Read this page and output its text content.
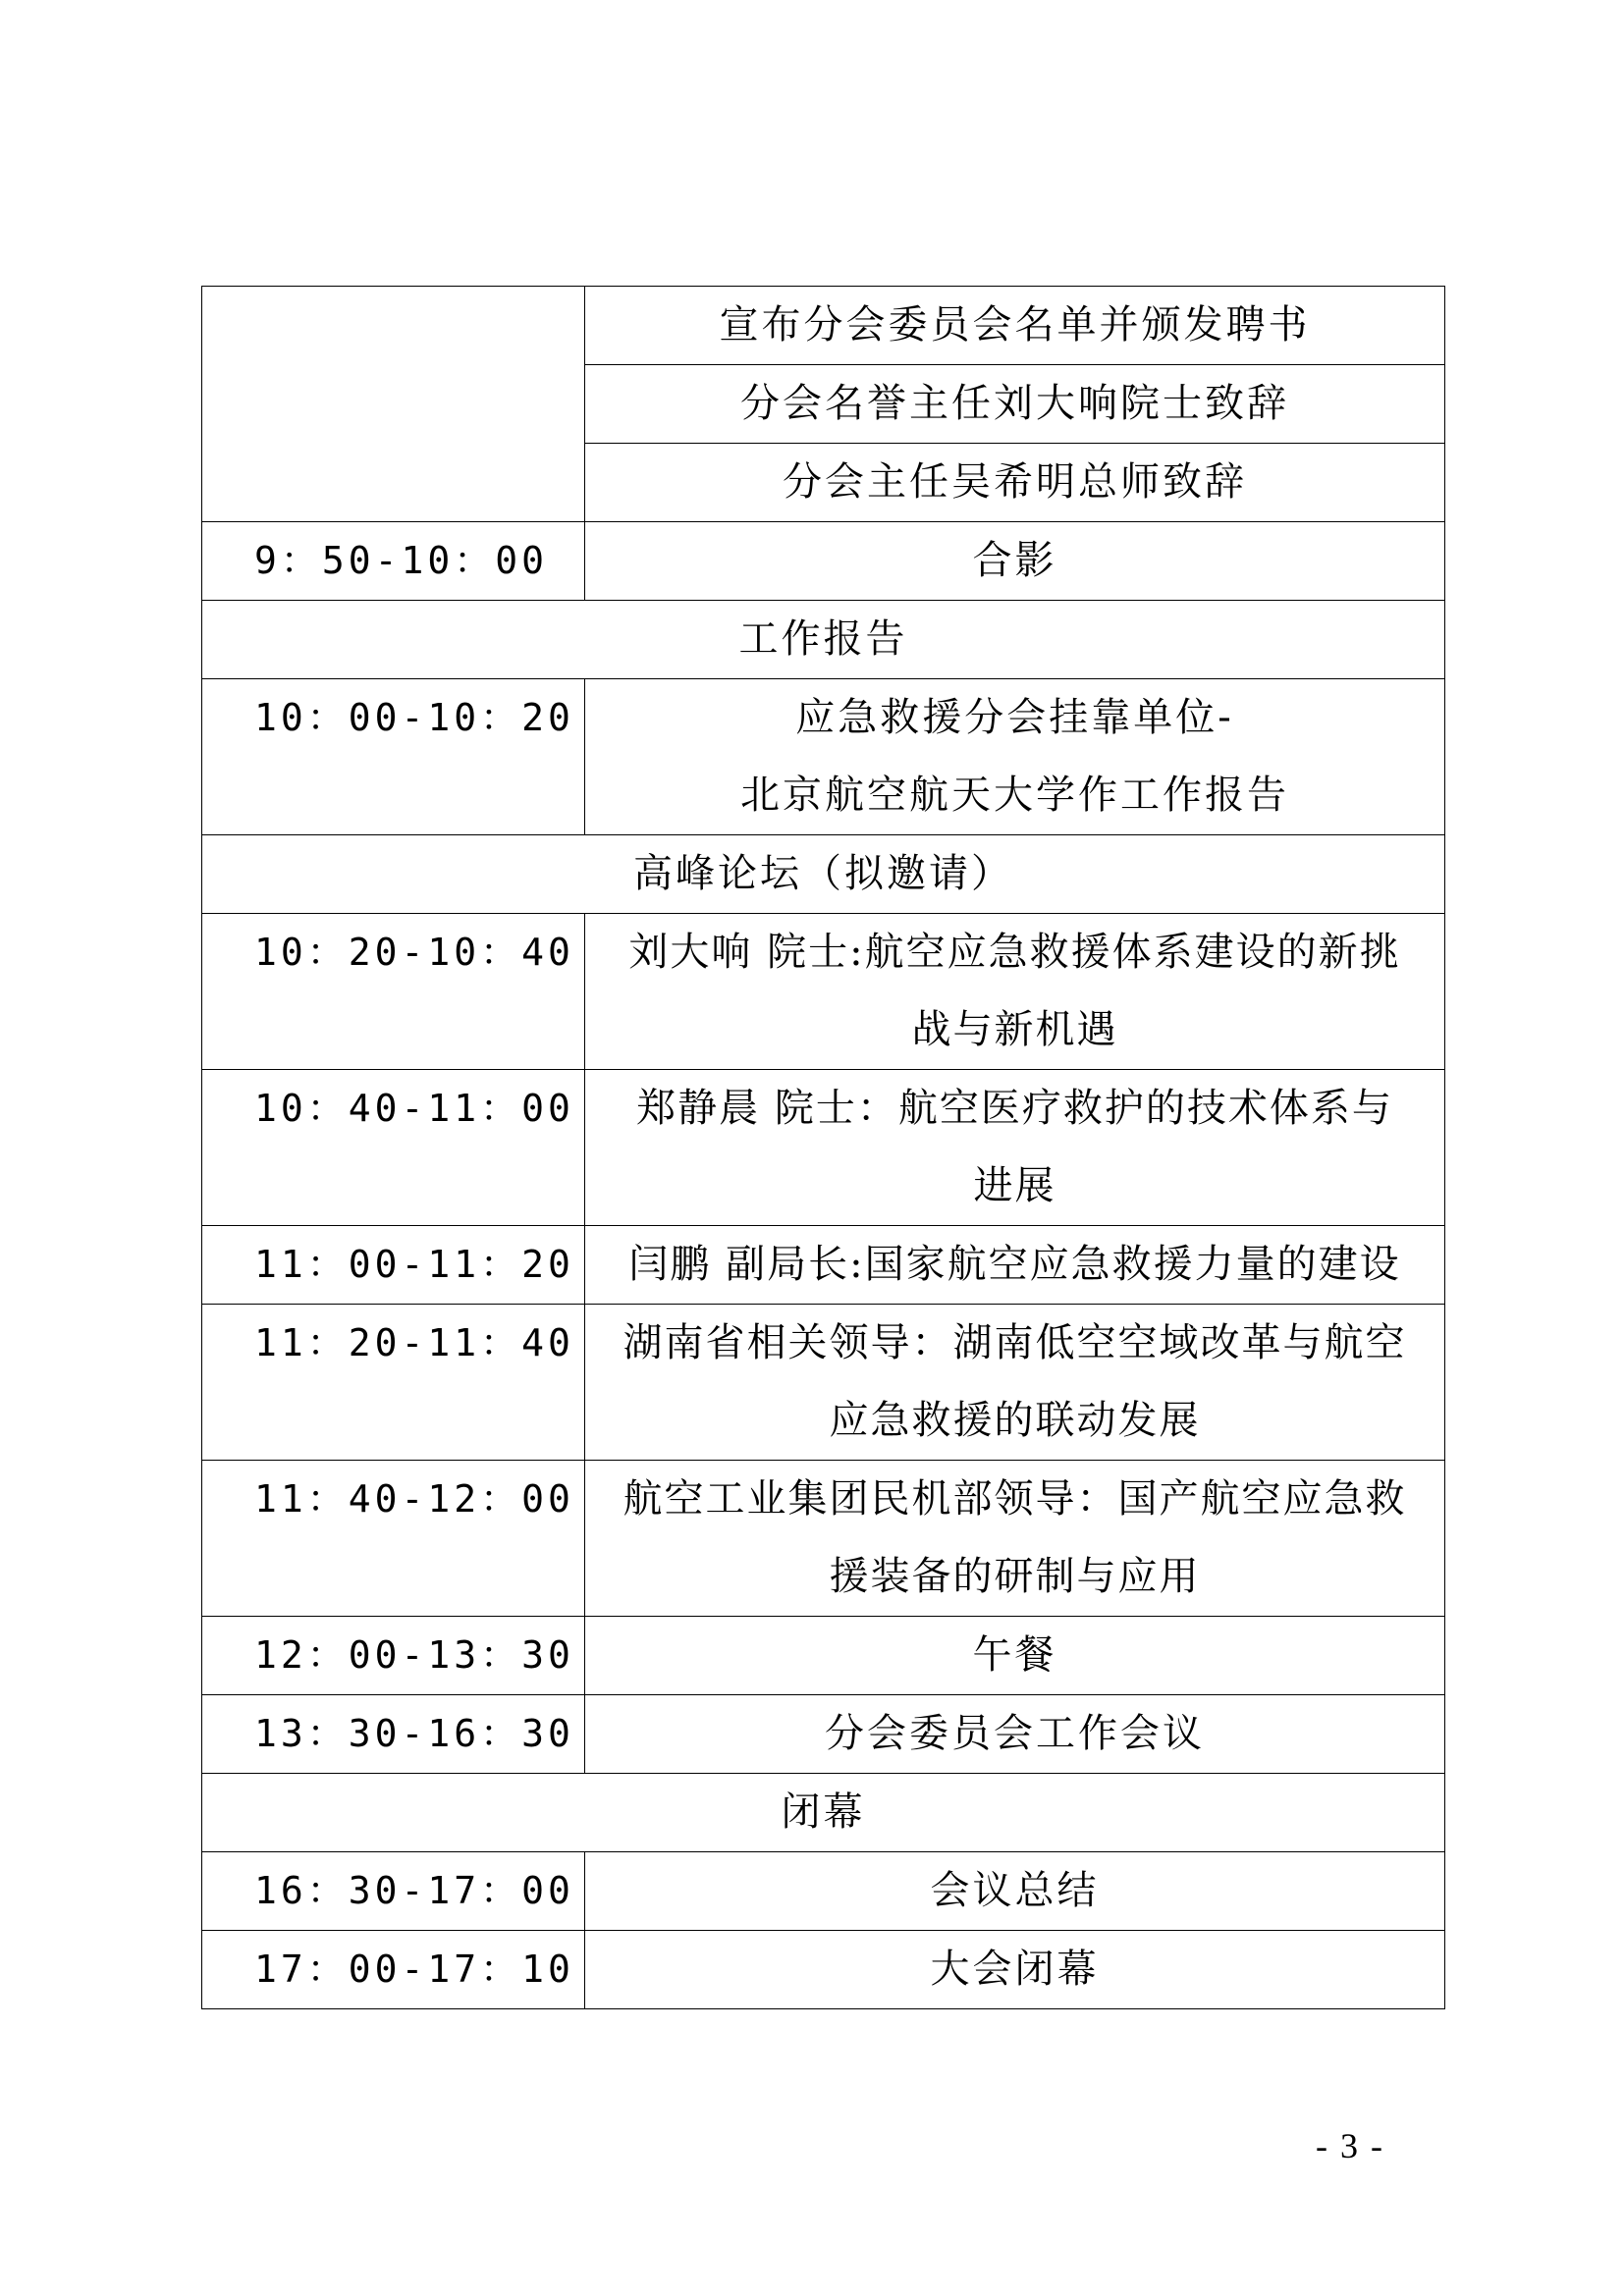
	宣布分会委员会名单并颁发聘书
	分会名誉主任刘大响院士致辞
	分会主任吴希明总师致辞
9：50-10：00	合影
工作报告	
10：00-10：20	应急救援分会挂靠单位-
北京航空航天大学作工作报告

高峰论坛（拟邀请）	
10：20-10：40	刘大响 院士:航空应急救援体系建设的新挑
战与新机遇

10：40-11：00	郑静晨 院士：航空医疗救护的技术体系与
进展

11：00-11：20	闫鹏 副局长:国家航空应急救援力量的建设

11：20-11：40	湖南省相关领导：湖南低空空域改革与航空
应急救援的联动发展

11：40-12：00	航空工业集团民机部领导：国产航空应急救
援装备的研制与应用

12：00-13：30	午餐
13：30-16：30	分会委员会工作会议
闭幕	
16：30-17：00	会议总结
17：00-17：10	大会闭幕
- 3 -
